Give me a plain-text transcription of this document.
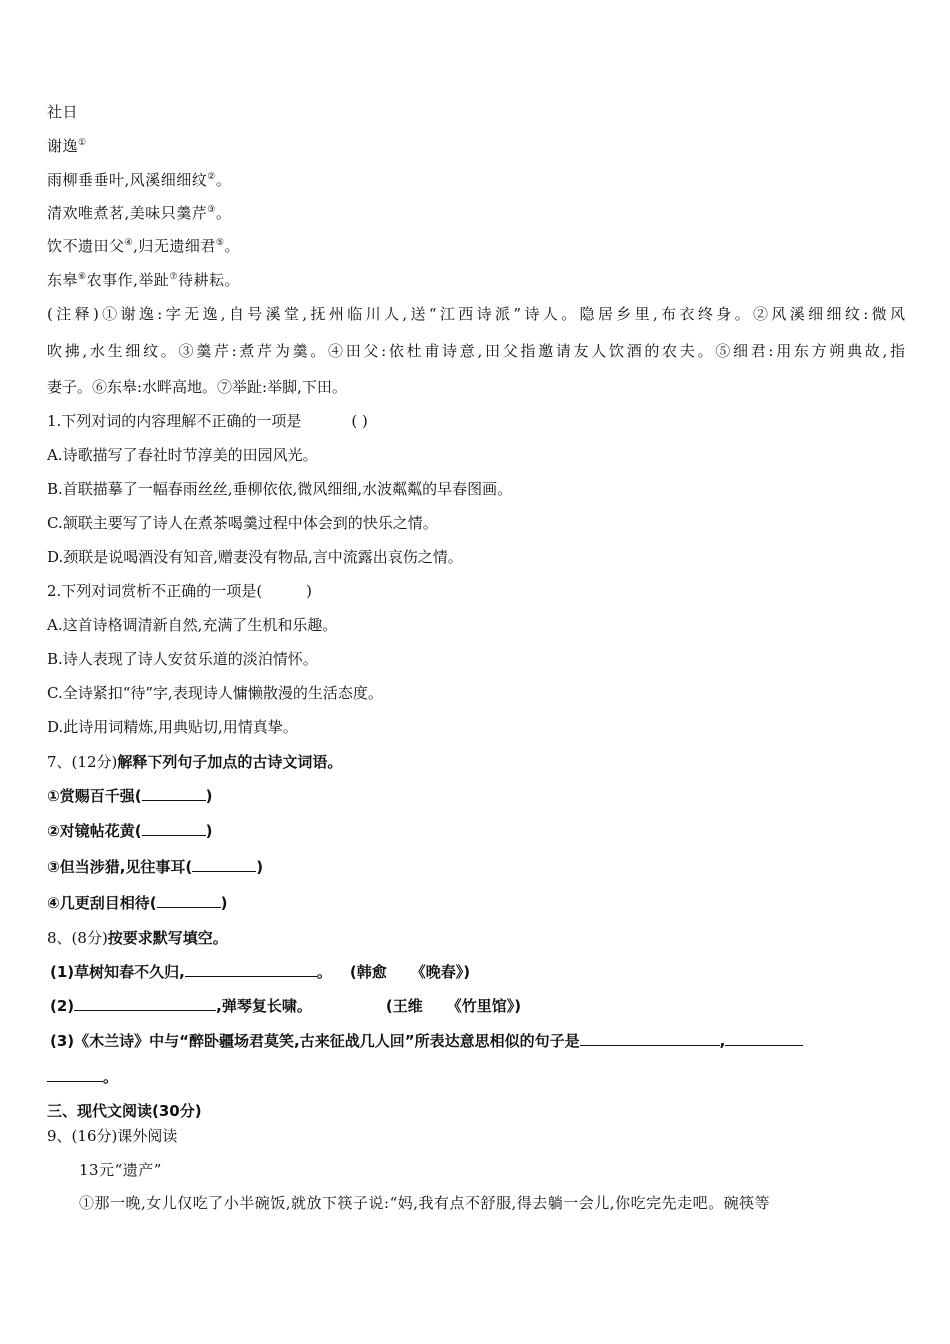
社日
谢逸①
雨柳垂垂叶,风溪细细纹②。
清欢唯煮茗,美味只羹芹③。
饮不遗田父④,归无遗细君⑤。
东皋⑥农事作,举趾⑦待耕耘。
(注释)①谢逸:字无逸,自号溪堂,抚州临川人,送“江西诗派”诗人。隐居乡里,布衣终身。②风溪细细纹:微风
吹拂,水生细纹。③羹芹:煮芹为羹。④田父:依杜甫诗意,田父指邀请友人饮酒的农夫。⑤细君:用东方朔典故,指
妻子。⑥东皋:水畔高地。⑦举趾:举脚,下田。
1.下列对词的内容理解不正确的一项是	( )
A.诗歌描写了春社时节淳美的田园风光。
B.首联描摹了一幅春雨丝丝,垂柳依依,微风细细,水波粼粼的早春图画。
C.颔联主要写了诗人在煮茶喝羹过程中体会到的快乐之情。
D.颈联是说喝酒没有知音,赠妻没有物品,言中流露出哀伤之情。
2.下列对词赏析不正确的一项是(	)
A.这首诗格调清新自然,充满了生机和乐趣。
B.诗人表现了诗人安贫乐道的淡泊情怀。
C.全诗紧扣“待”字,表现诗人慵懒散漫的生活态度。
D.此诗用词精炼,用典贴切,用情真挚。
7、(12分)解释下列句子加点的古诗文词语。
①赏赐百千强(	)
②对镜帖花黄(	)
③但当涉猎,见往事耳(	)
④几更刮目相待(	)
8、(8分)按要求默写填空。
(1)草树知春不久归,	。 (韩愈 《晚春》)
(2)	,弹琴复长啸。	(王维 《竹里馆》)
(3)《木兰诗》中与“醉卧疆场君莫笑,古来征战几人回”所表达意思相似的句子是	,
。
三、现代文阅读(30分)
9、(16分)课外阅读
13元“遗产”
①那一晚,女儿仅吃了小半碗饭,就放下筷子说:“妈,我有点不舒服,得去躺一会儿,你吃完先走吧。碗筷等
